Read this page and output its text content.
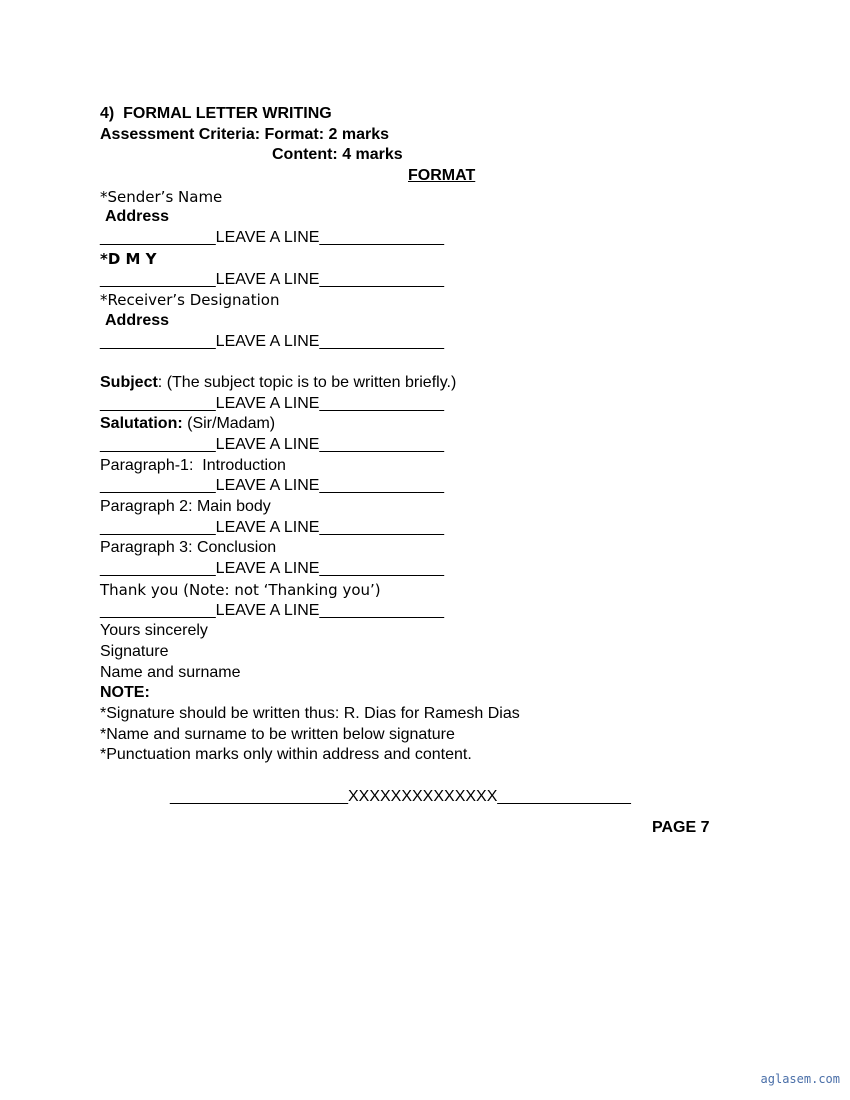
4)  FORMAL LETTER WRITING
Assessment Criteria: Format: 2 marks
Content: 4 marks
FORMAT
*Sender’s Name
Address
_____________LEAVE A LINE______________
*D M Y
_____________LEAVE A LINE______________
*Receiver’s Designation
Address
_____________LEAVE A LINE______________
Subject: (The subject topic is to be written briefly.)
_____________LEAVE A LINE______________
Salutation: (Sir/Madam)
_____________LEAVE A LINE______________
Paragraph-1:  Introduction
_____________LEAVE A LINE______________
Paragraph 2: Main body
_____________LEAVE A LINE______________
Paragraph 3: Conclusion
_____________LEAVE A LINE______________
Thank you (Note: not ‘Thanking you’)
_____________LEAVE A LINE______________
Yours sincerely
Signature
Name and surname
NOTE:
*Signature should be written thus: R. Dias for Ramesh Dias
*Name and surname to be written below signature
*Punctuation marks only within address and content.
____________________XXXXXXXXXXXXXX_______________
PAGE 7
aglasem.com
